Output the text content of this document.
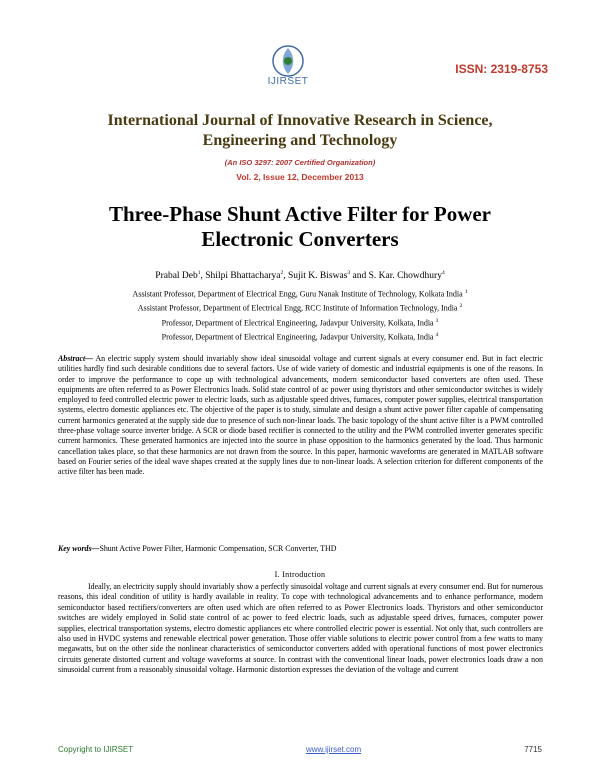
IJIRSET
ISSN: 2319-8753
International Journal of Innovative Research in Science,
Engineering and Technology
(An ISO 3297: 2007 Certified Organization)
Vol. 2, Issue 12, December 2013
Three-Phase Shunt Active Filter for Power
Electronic Converters
Prabal Deb$^1$, Shilpi Bhattacharya$^2$, Sujit K. Biswas$^3$ and S. Kar. Chowdhury$^4$
Assistant Professor, Department of Electrical Engg, Guru Nanak Institute of Technology, Kolkata India $^1$
Assistant Professor, Department of Electrical Engg, RCC Institute of Information Technology, India $^2$
Professor, Department of Electrical Engineering, Jadavpur University, Kolkata, India $^3$
Professor, Department of Electrical Engineering, Jadavpur University, Kolkata, India $^4$
Abstract— An electric supply system should invariably show ideal sinusoidal voltage and current signals at every consumer end. But in fact electric utilities hardly find such desirable conditions due to several factors. Use of wide variety of domestic and industrial equipments is one of the reasons. In order to improve the performance to cope up with technological advancements, modern semiconductor based converters are often used. These equipments are often referred to as Power Electronics loads. Solid state control of ac power using thyristors and other semiconductor switches is widely employed to feed controlled electric power to electric loads, such as adjustable speed drives, furnaces, computer power supplies, electrical transportation systems, electro domestic appliances etc. The objective of the paper is to study, simulate and design a shunt active power filter capable of compensating current harmonics generated at the supply side due to presence of such non-linear loads. The basic topology of the shunt active filter is a PWM controlled three-phase voltage source inverter bridge. A SCR or diode based rectifier is connected to the utility and the PWM controlled inverter generates specific current harmonics. These generated harmonics are injected into the source in phase opposition to the harmonics generated by the load. Thus harmonic cancellation takes place, so that these harmonics are not drawn from the source. In this paper, harmonic waveforms are generated in MATLAB software based on Fourier series of the ideal wave shapes created at the supply lines due to non-linear loads. A selection criterion for different components of the active filter has been made.
Key words—Shunt Active Power Filter, Harmonic Compensation, SCR Converter, THD
I. Introduction
Ideally, an electricity supply should invariably show a perfectly sinusoidal voltage and current signals at every consumer end. But for numerous reasons, this ideal condition of utility is hardly available in reality. To cope with technological advancements and to enhance performance, modern semiconductor based rectifiers/converters are often used which are often referred to as Power Electronics loads. Thyristors and other semiconductor switches are widely employed in Solid state control of ac power to feed electric loads, such as adjustable speed drives, furnaces, computer power supplies, electrical transportation systems, electro domestic appliances etc where controlled electric power is essential. Not only that, such controllers are also used in HVDC systems and renewable electrical power generation. Those offer viable solutions to electric power control from a few watts to many megawatts, but on the other side the nonlinear characteristics of semiconductor converters added with operational functions of most power electronics circuits generate distorted current and voltage waveforms at source. In contrast with the conventional linear loads, power electronics loads draw a non sinusoidal current from a reasonably sinusoidal voltage. Harmonic distortion expresses the deviation of the voltage and current
Copyright to IJIRSET	www.ijirset.com	7715
